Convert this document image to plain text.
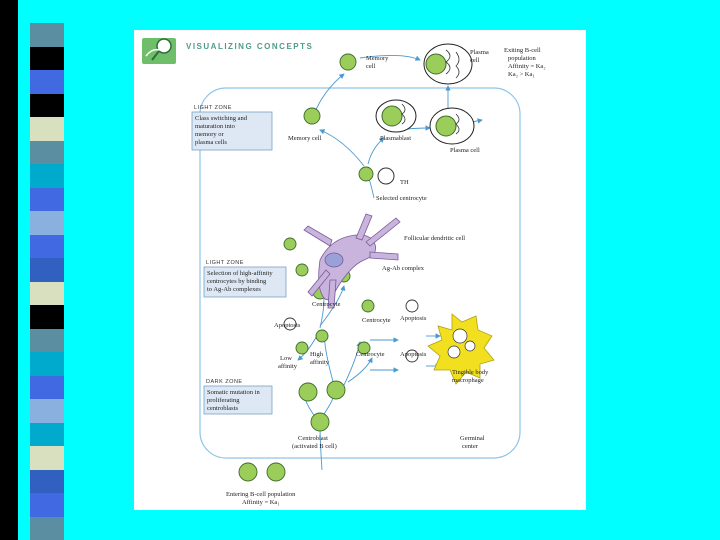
VISUALIZING CONCEPTS
LIGHT ZONE
Class switching and
maturation into
memory or
plasma cells
LIGHT ZONE
Selection of high-affinity
centrocytes by binding
to Ag-Ab complexes
DARK ZONE
Somatic mutation in
proliferating
centroblasts
Memory
cell
Plasma
cell
Exiting B-cell
population
Affinity = Ka₂
Ka₂ > Ka₁
Memory cell	Plasmablast
Plasma cell
TH
Selected centrocyte
Follicular dendritic cell
Ag-Ab complex
Centrocyte
Centrocyte
Centrocyte
Apoptosis
Apoptosis
Apoptosis
Low
affinity
High
affinity
Tingible body
macrophage
Centroblast
(activated B cell)
Germinal
center
Entering B-cell population
Affinity = Ka₁
